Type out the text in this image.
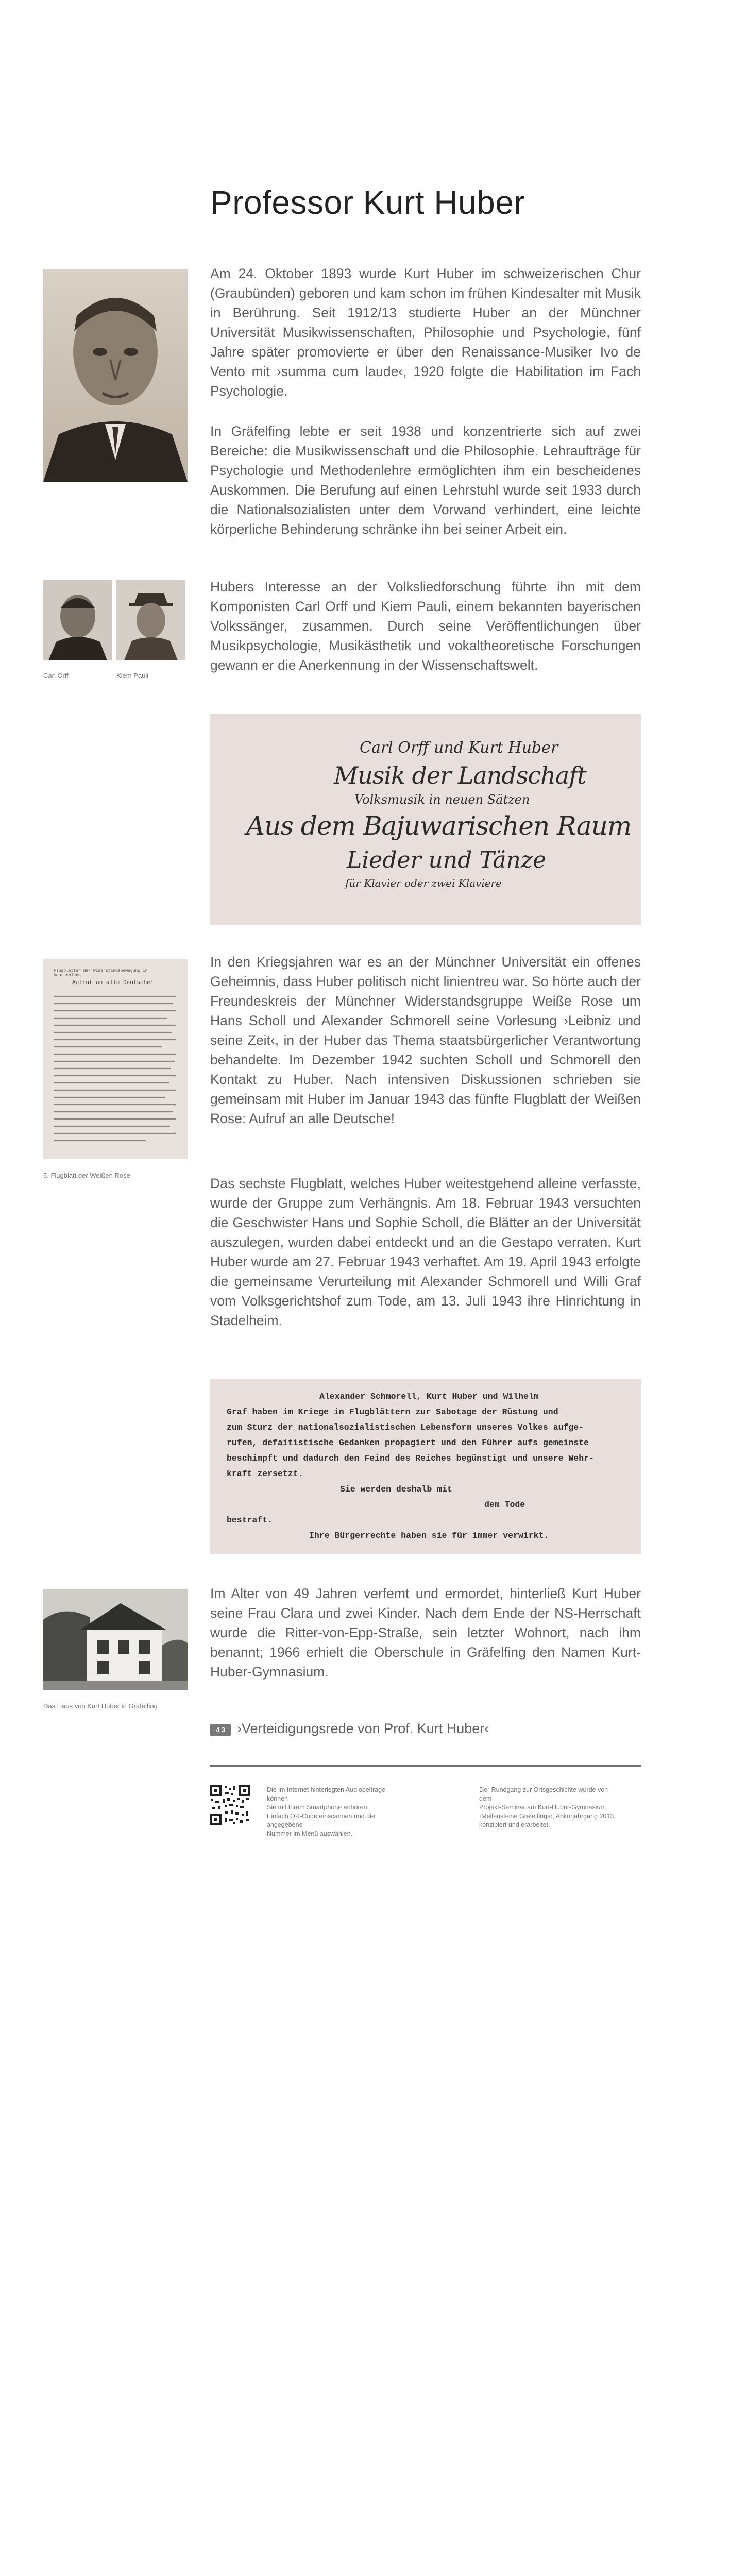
Professor Kurt Huber

Am 24. Oktober 1893 wurde Kurt Huber im schweizerischen Chur (Graubünden) geboren und kam schon im frühen Kindesalter mit Musik in Berührung. Seit 1912/13 studierte Huber an der Münchner Universität Musikwissenschaften, Philosophie und Psychologie, fünf Jahre später promovierte er über den Renaissance-Musiker Ivo de Vento mit ›summa cum laude‹, 1920 folgte die Habilitation im Fach Psychologie.

In Gräfelfing lebte er seit 1938 und konzentrierte sich auf zwei Bereiche: die Musikwissenschaft und die Philosophie. Lehraufträge für Psychologie und Methodenlehre ermöglichten ihm ein bescheidenes Auskommen. Die Berufung auf einen Lehrstuhl wurde seit 1933 durch die Nationalsozialisten unter dem Vorwand verhindert, eine leichte körperliche Behinderung schränke ihn bei seiner Arbeit ein.

Carl Orff	Kiem Pauli

Hubers Interesse an der Volksliedforschung führte ihn mit dem Komponisten Carl Orff und Kiem Pauli, einem bekannten bayerischen Volkssänger, zusammen. Durch seine Veröffentlichungen über Musikpsychologie, Musikästhetik und vokaltheoretische Forschungen gewann er die Anerkennung in der Wissenschaftswelt.

Carl Orff und Kurt Huber
Musik der Landschaft
Volksmusik in neuen Sätzen
Aus dem Bajuwarischen Raum
Lieder und Tänze
für Klavier oder zwei Klaviere
Flugblätter der Widerstandsbewegung in Deutschland.
Aufruf an alle Deutsche!
5. Flugblatt der Weißen Rose

In den Kriegsjahren war es an der Münchner Universität ein offenes Geheimnis, dass Huber politisch nicht linientreu war. So hörte auch der Freundeskreis der Münchner Widerstandsgruppe Weiße Rose um Hans Scholl und Alexander Schmorell seine Vorlesung ›Leibniz und seine Zeit‹, in der Huber das Thema staatsbürgerlicher Verantwortung behandelte. Im Dezember 1942 suchten Scholl und Schmorell den Kontakt zu Huber. Nach intensiven Diskussionen schrieben sie gemeinsam mit Huber im Januar 1943 das fünfte Flugblatt der Weißen Rose: Aufruf an alle Deutsche!

Das sechste Flugblatt, welches Huber weitestgehend alleine verfasste, wurde der Gruppe zum Verhängnis. Am 18. Februar 1943 versuchten die Geschwister Hans und Sophie Scholl, die Blätter an der Universität auszulegen, wurden dabei entdeckt und an die Gestapo verraten. Kurt Huber wurde am 27. Februar 1943 verhaftet. Am 19. April 1943 erfolgte die gemeinsame Verurteilung mit Alexander Schmorell und Willi Graf vom Volksgerichtshof zum Tode, am 13. Juli 1943 ihre Hinrichtung in Stadelheim.

Alexander Schmorell, Kurt Huber und Wilhelm
Graf haben im Kriege in Flugblättern zur Sabotage der Rüstung und
zum Sturz der nationalsozialistischen Lebensform unseres Volkes aufge-
rufen, defaitistische Gedanken propagiert und den Führer aufs gemeinste
beschimpft und dadurch den Feind des Reiches begünstigt und unsere Wehr-
kraft zersetzt.
Sie werden deshalb mit
dem Tode
bestraft.
Ihre Bürgerrechte haben sie für immer verwirkt.
Das Haus von Kurt Huber in Gräfelfing

Im Alter von 49 Jahren verfemt und ermordet, hinterließ Kurt Huber seine Frau Clara und zwei Kinder. Nach dem Ende der NS-Herrschaft wurde die Ritter-von-Epp-Straße, sein letzter Wohnort, nach ihm benannt; 1966 erhielt die Oberschule in Gräfelfing den Namen Kurt-Huber-Gymnasium.

4 3 ›Verteidigungsrede von Prof. Kurt Huber‹
Die im Internet hinterlegten Audiobeiträge können
Sie mit Ihrem Smartphone anhören.
Einfach QR-Code einscannen und die angegebene
Nummer im Menü auswählen.
Der Rundgang zur Ortsgeschichte wurde von dem
Projekt-Seminar am Kurt-Huber-Gymnasium
›Meilensteine Gräfelfings‹, Abiturjahrgang 2013,
konzipiert und erarbeitet.
